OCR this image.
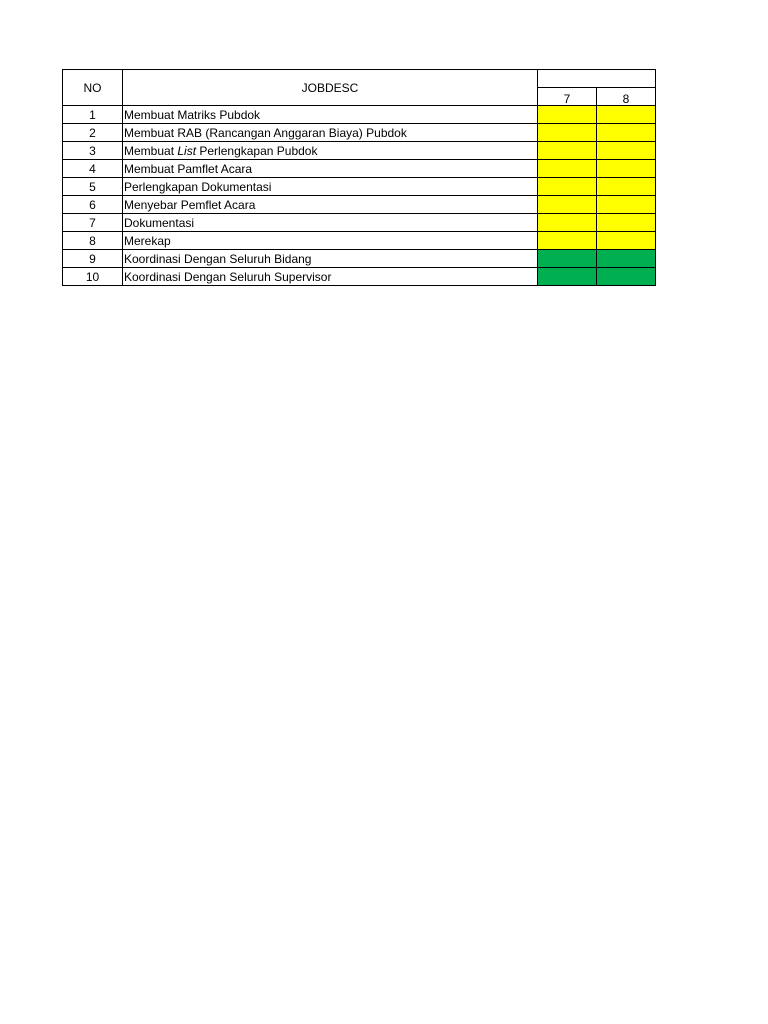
NO	JOBDESC		
		7	8
1	Membuat Matriks Pubdok		
2	Membuat RAB (Rancangan Anggaran Biaya) Pubdok		
3	Membuat List Perlengkapan Pubdok		
4	Membuat Pamflet Acara		
5	Perlengkapan Dokumentasi		
6	Menyebar Pemflet Acara		
7	Dokumentasi		
8	Merekap		
9	Koordinasi Dengan Seluruh Bidang		
10	Koordinasi Dengan Seluruh Supervisor		
